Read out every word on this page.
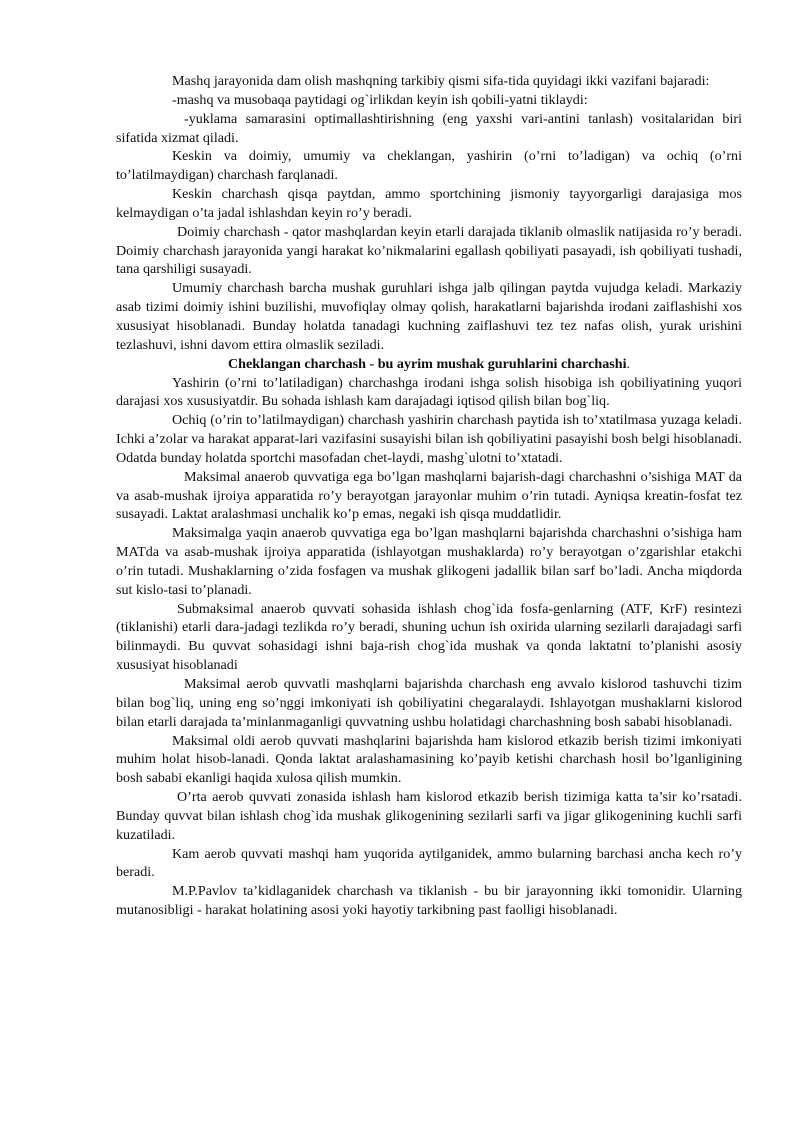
Mashq jarayonida dam olish mashqning tarkibiy qismi sifa-tida quyidagi ikki vazifani bajaradi:

-mashq va musobaqa paytidagi og`irlikdan keyin ish qobili-yatni tiklaydi:

-yuklama samarasini optimallashtirishning (eng yaxshi vari-antini tanlash) vositalaridan biri sifatida xizmat qiladi.

Keskin va doimiy, umumiy va cheklangan, yashirin (o’rni to’ladigan) va ochiq (o’rni to’latilmaydigan) charchash farqlanadi.

Keskin charchash qisqa paytdan, ammo sportchining jismoniy tayyorgarligi darajasiga mos kelmaydigan o’ta jadal ishlashdan keyin ro’y beradi.

Doimiy charchash - qator mashqlardan keyin etarli darajada tiklanib olmaslik natijasida ro’y beradi. Doimiy charchash jarayonida yangi harakat ko’nikmalarini egallash qobiliyati pasayadi, ish qobiliyati tushadi, tana qarshiligi susayadi.

Umumiy charchash barcha mushak guruhlari ishga jalb qilingan paytda vujudga keladi. Markaziy asab tizimi doimiy ishini buzilishi, muvofiqlay olmay qolish, harakatlarni bajarishda irodani zaiflashishi xos xususiyat hisoblanadi. Bunday holatda tanadagi kuchning zaiflashuvi tez tez nafas olish, yurak urishini tezlashuvi, ishni davom ettira olmaslik seziladi.

Cheklangan charchash - bu ayrim mushak guruhlarini charchashi.

Yashirin (o’rni to’latiladigan) charchashga irodani ishga solish hisobiga ish qobiliyatining yuqori darajasi xos xususiyatdir. Bu sohada ishlash kam darajadagi iqtisod qilish bilan bog`liq.

Ochiq (o’rin to’latilmaydigan) charchash yashirin charchash paytida ish to’xtatilmasa yuzaga keladi. Ichki a’zolar va harakat apparat-lari vazifasini susayishi bilan ish qobiliyatini pasayishi bosh belgi hisoblanadi. Odatda bunday holatda sportchi masofadan chet-laydi, mashg`ulotni to’xtatadi.

Maksimal anaerob quvvatiga ega bo’lgan mashqlarni bajarish-dagi charchashni o’sishiga MAT da va asab-mushak ijroiya apparatida ro’y berayotgan jarayonlar muhim o’rin tutadi. Ayniqsa kreatin-fosfat tez susayadi. Laktat aralashmasi unchalik ko’p emas, negaki ish qisqa muddatlidir.

Maksimalga yaqin anaerob quvvatiga ega bo’lgan mashqlarni bajarishda charchashni o’sishiga ham MATda va asab-mushak ijroiya apparatida (ishlayotgan mushaklarda) ro’y berayotgan o’zgarishlar etakchi o’rin tutadi. Mushaklarning o’zida fosfagen va mushak glikogeni jadallik bilan sarf bo’ladi. Ancha miqdorda sut kislo-tasi to’planadi.

Submaksimal anaerob quvvati sohasida ishlash chog`ida fosfa-genlarning (ATF, KrF) resintezi (tiklanishi) etarli dara-jadagi tezlikda ro’y beradi, shuning uchun ish oxirida ularning sezilarli darajadagi sarfi bilinmaydi. Bu quvvat sohasidagi ishni baja-rish chog`ida mushak va qonda laktatni to’planishi asosiy xususiyat hisoblanadi

Maksimal aerob quvvatli mashqlarni bajarishda charchash eng avvalo kislorod tashuvchi tizim bilan bog`liq, uning eng so’nggi imkoniyati ish qobiliyatini chegaralaydi. Ishlayotgan mushaklarni kislorod bilan etarli darajada ta’minlanmaganligi quvvatning ushbu holatidagi charchashning bosh sababi hisoblanadi.

Maksimal oldi aerob quvvati mashqlarini bajarishda ham kislorod etkazib berish tizimi imkoniyati muhim holat hisob-lanadi. Qonda laktat aralashamasining ko’payib ketishi charchash hosil bo’lganligining bosh sababi ekanligi haqida xulosa qilish mumkin.

O’rta aerob quvvati zonasida ishlash ham kislorod etkazib berish tizimiga katta ta’sir ko’rsatadi. Bunday quvvat bilan ishlash chog`ida mushak glikogenining sezilarli sarfi va jigar glikogenining kuchli sarfi kuzatiladi.

Kam aerob quvvati mashqi ham yuqorida aytilganidek, ammo bularning barchasi ancha kech ro’y beradi.

M.P.Pavlov ta’kidlaganidek charchash va tiklanish - bu bir jarayonning ikki tomonidir. Ularning mutanosibligi - harakat holatining asosi yoki hayotiy tarkibning past faolligi hisoblanadi.
